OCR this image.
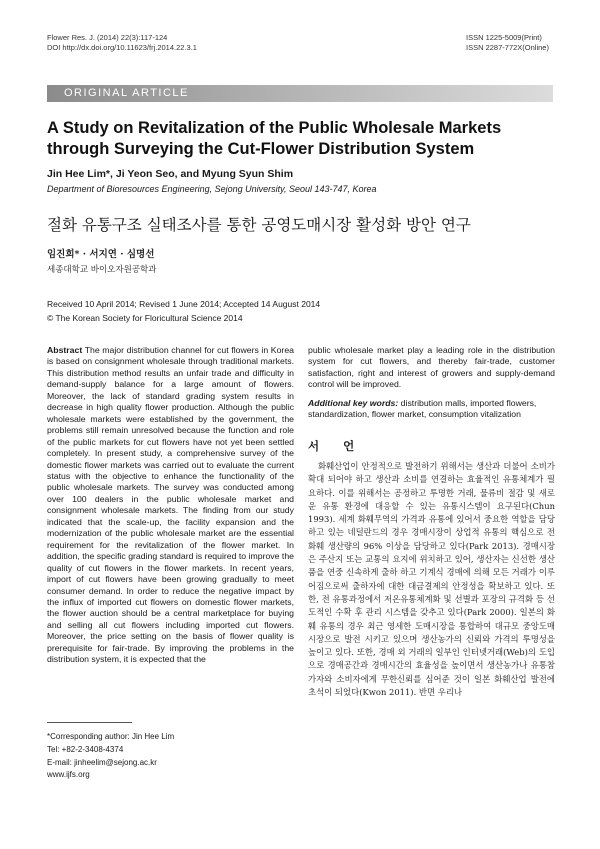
Flower Res. J. (2014) 22(3):117-124
DOI http://dx.doi.org/10.11623/frj.2014.22.3.1
ISSN 1225-5009(Print)
ISSN 2287-772X(Online)
ORIGINAL ARTICLE
A Study on Revitalization of the Public Wholesale Markets through Surveying the Cut-Flower Distribution System
Jin Hee Lim*, Ji Yeon Seo, and Myung Syun Shim
Department of Bioresources Engineering, Sejong University, Seoul 143-747, Korea
절화 유통구조 실태조사를 통한 공영도매시장 활성화 방안 연구
임진희* · 서지연 · 심명선
세종대학교 바이오자원공학과
Received 10 April 2014; Revised 1 June 2014; Accepted 14 August 2014
© The Korean Society for Floricultural Science 2014

Abstract The major distribution channel for cut flowers in Korea is based on consignment wholesale through traditional markets. This distribution method results an unfair trade and difficulty in demand-supply balance for a large amount of flowers. Moreover, the lack of standard grading system results in decrease in high quality flower production. Although the public wholesale markets were established by the government, the problems still remain unresolved because the function and role of the public markets for cut flowers have not yet been settled completely. In present study, a comprehensive survey of the domestic flower markets was carried out to evaluate the current status with the objective to enhance the functionality of the public wholesale markets. The survey was conducted among over 100 dealers in the public wholesale market and consignment wholesale markets. The finding from our study indicated that the scale-up, the facility expansion and the modernization of the public wholesale market are the essential requirement for the revitalization of the flower market. In addition, the specific grading standard is required to improve the quality of cut flowers in the flower markets. In recent years, import of cut flowers have been growing gradually to meet consumer demand. In order to reduce the negative impact by the influx of imported cut flowers on domestic flower markets, the flower auction should be a central marketplace for buying and selling all cut flowers including imported cut flowers. Moreover, the price setting on the basis of flower quality is prerequisite for fair-trade. By improving the problems in the distribution system, it is expected that the

public wholesale market play a leading role in the distribution system for cut flowers, and thereby fair-trade, customer satisfaction, right and interest of growers and supply-demand control will be improved.

Additional key words: distribution malls, imported flowers, standardization, flower market, consumption vitalization

서 언

화훼산업이 안정적으로 발전하기 위해서는 생산과 더불어 소비가 확대 되어야 하고 생산과 소비를 연결하는 효율적인 유통체계가 필요하다. 이를 위해서는 공정하고 투명한 거래, 물류비 절감 및 새로운 유통 환경에 대응할 수 있는 유통시스템이 요구된다(Chun 1993). 세계 화훼무역의 가격과 유통에 있어서 중요한 역할을 담당하고 있는 네덜란드의 경우 경매시장이 상업적 유통의 핵심으로 전 화훼 생산량의 96% 이상을 담당하고 있다(Park 2013). 경매시장은 주산지 또는 교통의 요지에 위치하고 있어, 생산자는 신선한 생산품을 연중 신속하게 출하 하고 기계식 경매에 의해 모든 거래가 이루어짐으로써 출하자에 대한 대금결제의 안정성을 확보하고 있다. 또한, 전 유통과정에서 저온유통체계화 및 선별과 포장의 규격화 등 선도적인 수확 후 관리 시스템을 갖추고 있다(Park 2000). 일본의 화훼 유통의 경우 최근 영세한 도매시장을 통합하여 대규모 중앙도매시장으로 발전 시키고 있으며 생산농가의 신뢰와 가격의 투명성을 높이고 있다. 또한, 경매 외 거래의 일부인 인터넷거래(Web)의 도입으로 경매공간과 경매시간의 효율성을 높이면서 생산농가나 유통참가자와 소비자에게 무한신뢰를 심어준 것이 일본 화훼산업 발전에 초석이 되었다(Kwon 2011). 반면 우리나

*Corresponding author: Jin Hee Lim
Tel: +82-2-3408-4374
E-mail: jinheelim@sejong.ac.kr
www.ijfs.org
